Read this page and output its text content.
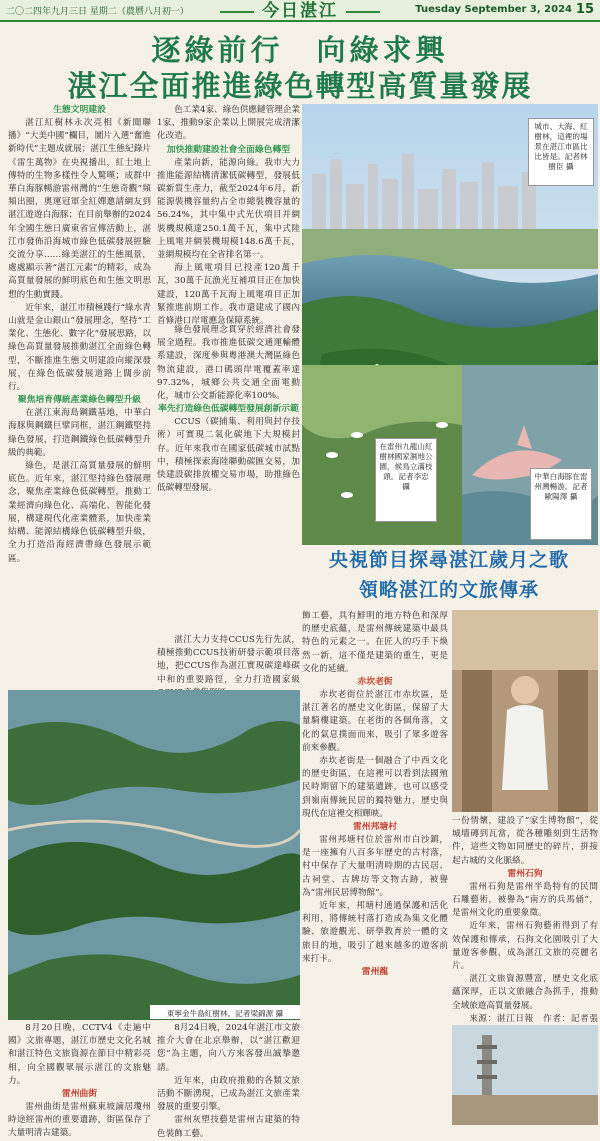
二〇二四年九月三日 星期二（農曆八月初一）	今日湛江	Tuesday September 3, 2024 15
逐綠前行　向綠求興
湛江全面推進綠色轉型高質量發展
生態文明建設

湛江紅樹林永次亮相《新聞聯播》“大美中國”欄目，圖片入選“奮進新時代”主題成就展；湛江生態紀錄片《雷生萬物》在央視播出，紅土地上傳特的生物多樣性令人驚嘆；成群中華白海豚暢游雷州灣的“生態奇觀”頻頻出圈，奧運冠軍全紅嬋邀請網友到湛江遊遊白海豚；在目前舉辦的2024年全國生態日廣東省宣傳活動上，湛江市發佈沿海城市綠色低碳發展經驗交流分享……綠美湛江的生態風景，處處顯示著“湛江元素”的精彩，成為高質量發展的鮮明底色和生態文明思想的生動實踐。

近年來，湛江市積極踐行“綠水青山就是金山銀山”發展理念，堅持“工業化、生態化、數字化”發展思路，以綠色高質量發展推動湛江全面綠色轉型，不斷推進生態文明建設向縱深發展，在綠色低碳發展道路上闊步前行。

聚焦培育傳統產業綠色轉型升級

在湛江東海島鋼鐵基地，中華白海豚與鋼鐵巨擘同框，湛江鋼鐵堅持綠色發展，打造鋼鐵綠色低碳轉型升級的典範。

綠色，是湛江高質量發展的鮮明底色。近年來，湛江堅持綠色發展理念，聚焦產業綠色低碳轉型，推動工業經濟向綠色化、高端化、智能化發展，構建現代化產業體系，加快產業結構、能源結構綠色低碳轉型升級，全力打造沿海經濟帶綠色發展示範區。

色工業4家、綠色供應鏈管理企業1家、推動9家企業以上開展完成清潔化改造。

加快推動建設社會全面綠色轉型

產業向新，能源向綠。我市大力推進能源結構清潔低碳轉型，發展低碳新質生產力，截至2024年6月，新能源裝機容量約占全市總裝機容量的56.24%，其中集中式光伏項目并網裝機規模達250.1萬千瓦，集中式陸上風電并網裝機規模148.6萬千瓦，並網規模均在全省排名第一。

海上風電項目已投產120萬千瓦，30萬千瓦漁光互補項目正在加快建設，120萬千瓦海上風電項目正加緊推進前期工作。我市還建成了國內首條港口岸電應急保障系統。

綠色發展理念貫穿於經濟社會發展全過程。我市推進低碳交通運輸體系建設，深度參與粵港澳大灣區綠色物流建設，港口碼頭岸電覆蓋率達97.32%，城鄉公共交通全面電動化，城市公交新能源化率100%。

率先打造綠色低碳轉型發展創新示範

CCUS（碳捕集、利用與封存技術）可實現二氧化碳地下大規模封存。近年來我市在國家低碳城市試點中，積極探索海陸聯動碳匯交易，加快建設碳排放權交易市場，助推綠色低碳轉型發展。

湛江大力支持CCUS先行先試，積極推動CCUS技術研發示範項目落地，把CCUS作為湛江實現碳達峰碳中和的重要路徑，全力打造國家級

城市、大海、紅樹林，這裡的場景在湛江市區比比皆是。記者林樹臣 攝
在雷州九龍山紅樹林國家濕地公園，候鳥立滿枝頭。記者李忠 攝
中華白海豚在雷州灣暢游。記者歐陽澤 攝
央視節目探尋湛江歲月之歌
領略湛江的文旅傳承

飾工藝，具有鮮明的地方特色和深厚的歷史底蘊，是雷州傳統建築中最具特色的元素之一。在匠人的巧手下煥然一新，這不僅是建築的重生，更是文化的延續。

赤坎老街

赤坎老街位於湛江市赤坎區，是湛江著名的歷史文化街區，保留了大量騎樓建築。在老街的各個角落，文化的氣息撲面而來，吸引了眾多遊客前來參觀。

赤坎老街是一個融合了中西文化的歷史街區，在這裡可以看到法國殖民時期留下的建築遺跡，也可以感受到嶺南傳統民居的獨特魅力，歷史與現代在這裡交相輝映。

雷州邦塘村

雷州邦塘村位於雷州市白沙鎮，是一座擁有八百多年歷史的古村落，村中保存了大量明清時期的古民居、古祠堂、古牌坊等文物古跡，被譽為“雷州民居博物館”。

近年來，邦塘村通過保護和活化利用，將傳統村落打造成為集文化體驗、旅遊觀光、研學教育於一體的文旅目的地，吸引了越來越多的遊客前來打卡。

雷州龍

一份情懷，建設了“家生博物館”，從城墻磚到瓦當，從各種雕刻到生活物件，這些文物如同歷史的碎片，拼接起古城的文化脈絡。

雷州石狗

雷州石狗是雷州半島特有的民間石雕藝術，被譽為“南方的兵馬俑”，是雷州文化的重要象徵。

近年來，雷州石狗藝術得到了有效保護和傳承，石狗文化園吸引了大量遊客參觀，成為湛江文旅的亮麗名片。

湛江文旅資源豐富，歷史文化底蘊深厚，正以文旅融合為抓手，推動全域旅遊高質量發展。

來源：湛江日報　作者：記者張

東寧金牛島紅樹林。記者梁錦源 攝

8月20日晚，CCTV4《走遍中國》文旅專題，湛江市歷史文化名城和湛江特色文旅資源在節目中精彩亮相，向全國觀眾展示湛江的文旅魅力。

雷州曲街

雷州曲街是雷州蘇東坡謫居瓊州時途經雷州的重要遺跡，街區保存了大量明清古建築。

8月24日晚，2024年湛江市文旅推介大會在北京舉辦，以“湛江歡迎您”為主題，向八方來客發出誠摯邀請。

近年來，由政府推動的各類文旅活動不斷湧現，已成為湛江文旅產業發展的重要引擎。

雷州灰塑技藝是雷州古建築的特色裝飾工藝。
